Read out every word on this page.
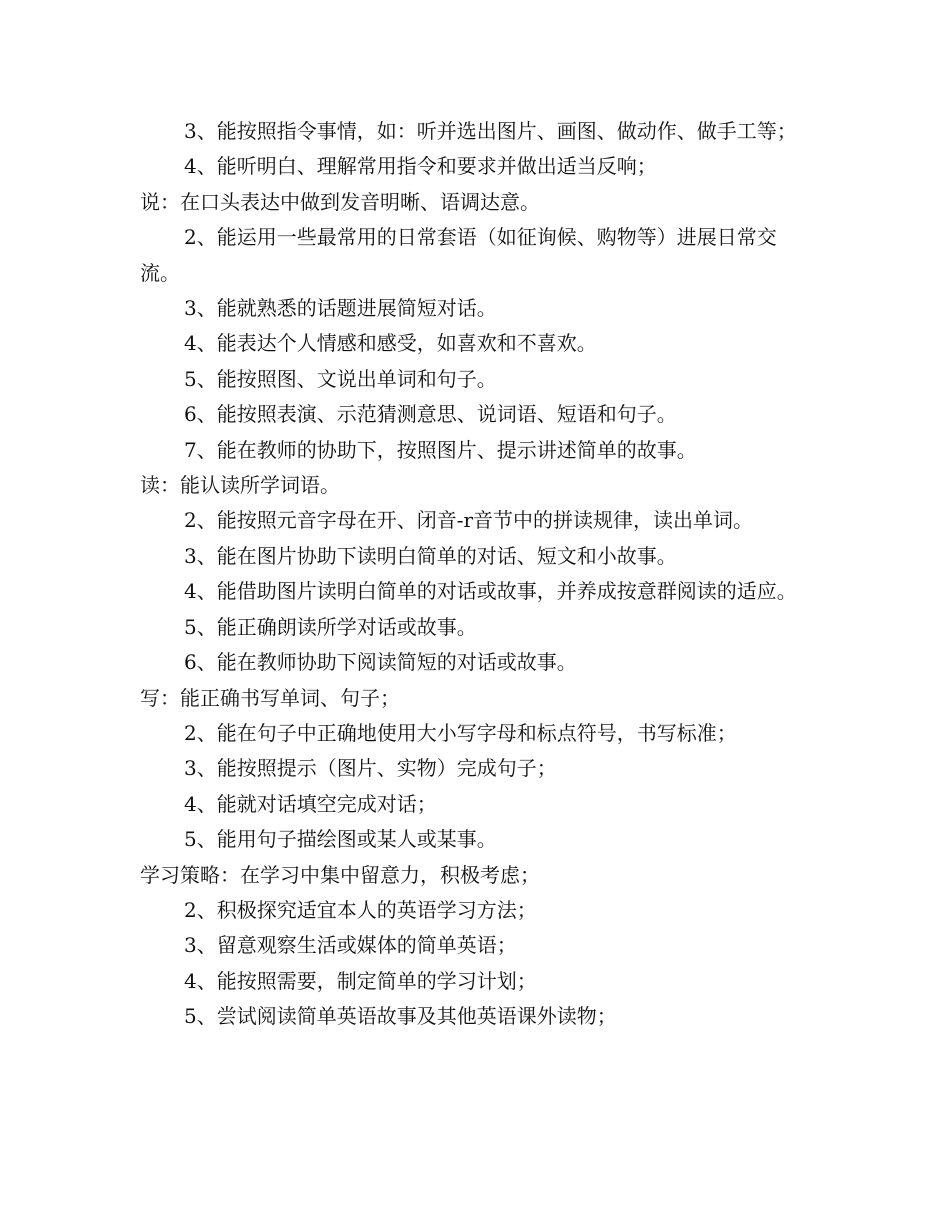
3、能按照指令事情，如：听并选出图片、画图、做动作、做手工等；

4、能听明白、理解常用指令和要求并做出适当反响；

说：在口头表达中做到发音明晰、语调达意。

2、能运用一些最常用的日常套语（如征询候、购物等）进展日常交流。

3、能就熟悉的话题进展简短对话。

4、能表达个人情感和感受，如喜欢和不喜欢。

5、能按照图、文说出单词和句子。

6、能按照表演、示范猜测意思、说词语、短语和句子。

7、能在教师的协助下，按照图片、提示讲述简单的故事。

读：能认读所学词语。

2、能按照元音字母在开、闭音-r音节中的拼读规律，读出单词。

3、能在图片协助下读明白简单的对话、短文和小故事。

4、能借助图片读明白简单的对话或故事，并养成按意群阅读的适应。

5、能正确朗读所学对话或故事。

6、能在教师协助下阅读简短的对话或故事。

写：能正确书写单词、句子；

2、能在句子中正确地使用大小写字母和标点符号，书写标准；

3、能按照提示（图片、实物）完成句子；

4、能就对话填空完成对话；

5、能用句子描绘图或某人或某事。

学习策略：在学习中集中留意力，积极考虑；

2、积极探究适宜本人的英语学习方法；

3、留意观察生活或媒体的简单英语；

4、能按照需要，制定简单的学习计划；

5、尝试阅读简单英语故事及其他英语课外读物；
